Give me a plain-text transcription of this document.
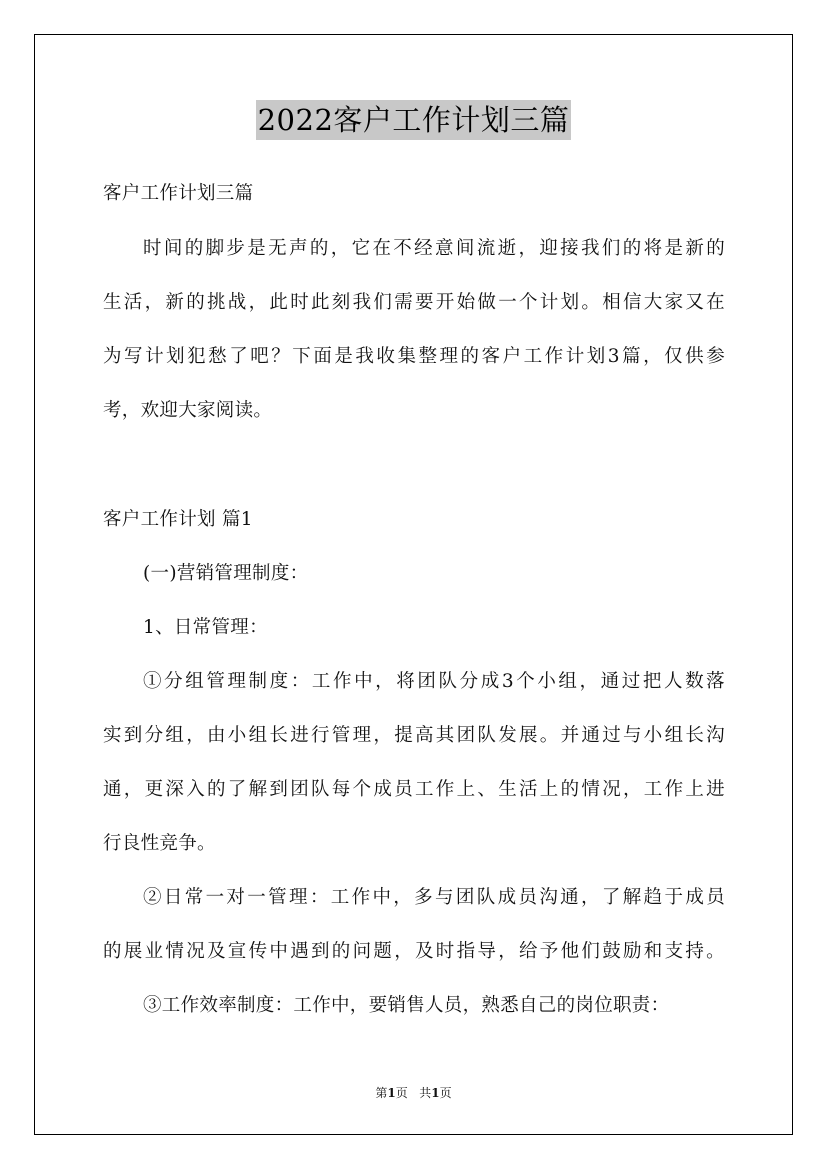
2022客户工作计划三篇
客户工作计划三篇
时间的脚步是无声的，它在不经意间流逝，迎接我们的将是新的
生活，新的挑战，此时此刻我们需要开始做一个计划。相信大家又在
为写计划犯愁了吧？下面是我收集整理的客户工作计划3篇，仅供参
考，欢迎大家阅读。
客户工作计划 篇1
(一)营销管理制度：
1、日常管理：
①分组管理制度：工作中，将团队分成3个小组，通过把人数落
实到分组，由小组长进行管理，提高其团队发展。并通过与小组长沟
通，更深入的了解到团队每个成员工作上、生活上的情况，工作上进
行良性竞争。
②日常一对一管理：工作中，多与团队成员沟通，了解趋于成员
的展业情况及宣传中遇到的问题，及时指导，给予他们鼓励和支持。
③工作效率制度：工作中，要销售人员，熟悉自己的岗位职责：
第1页 共1页
